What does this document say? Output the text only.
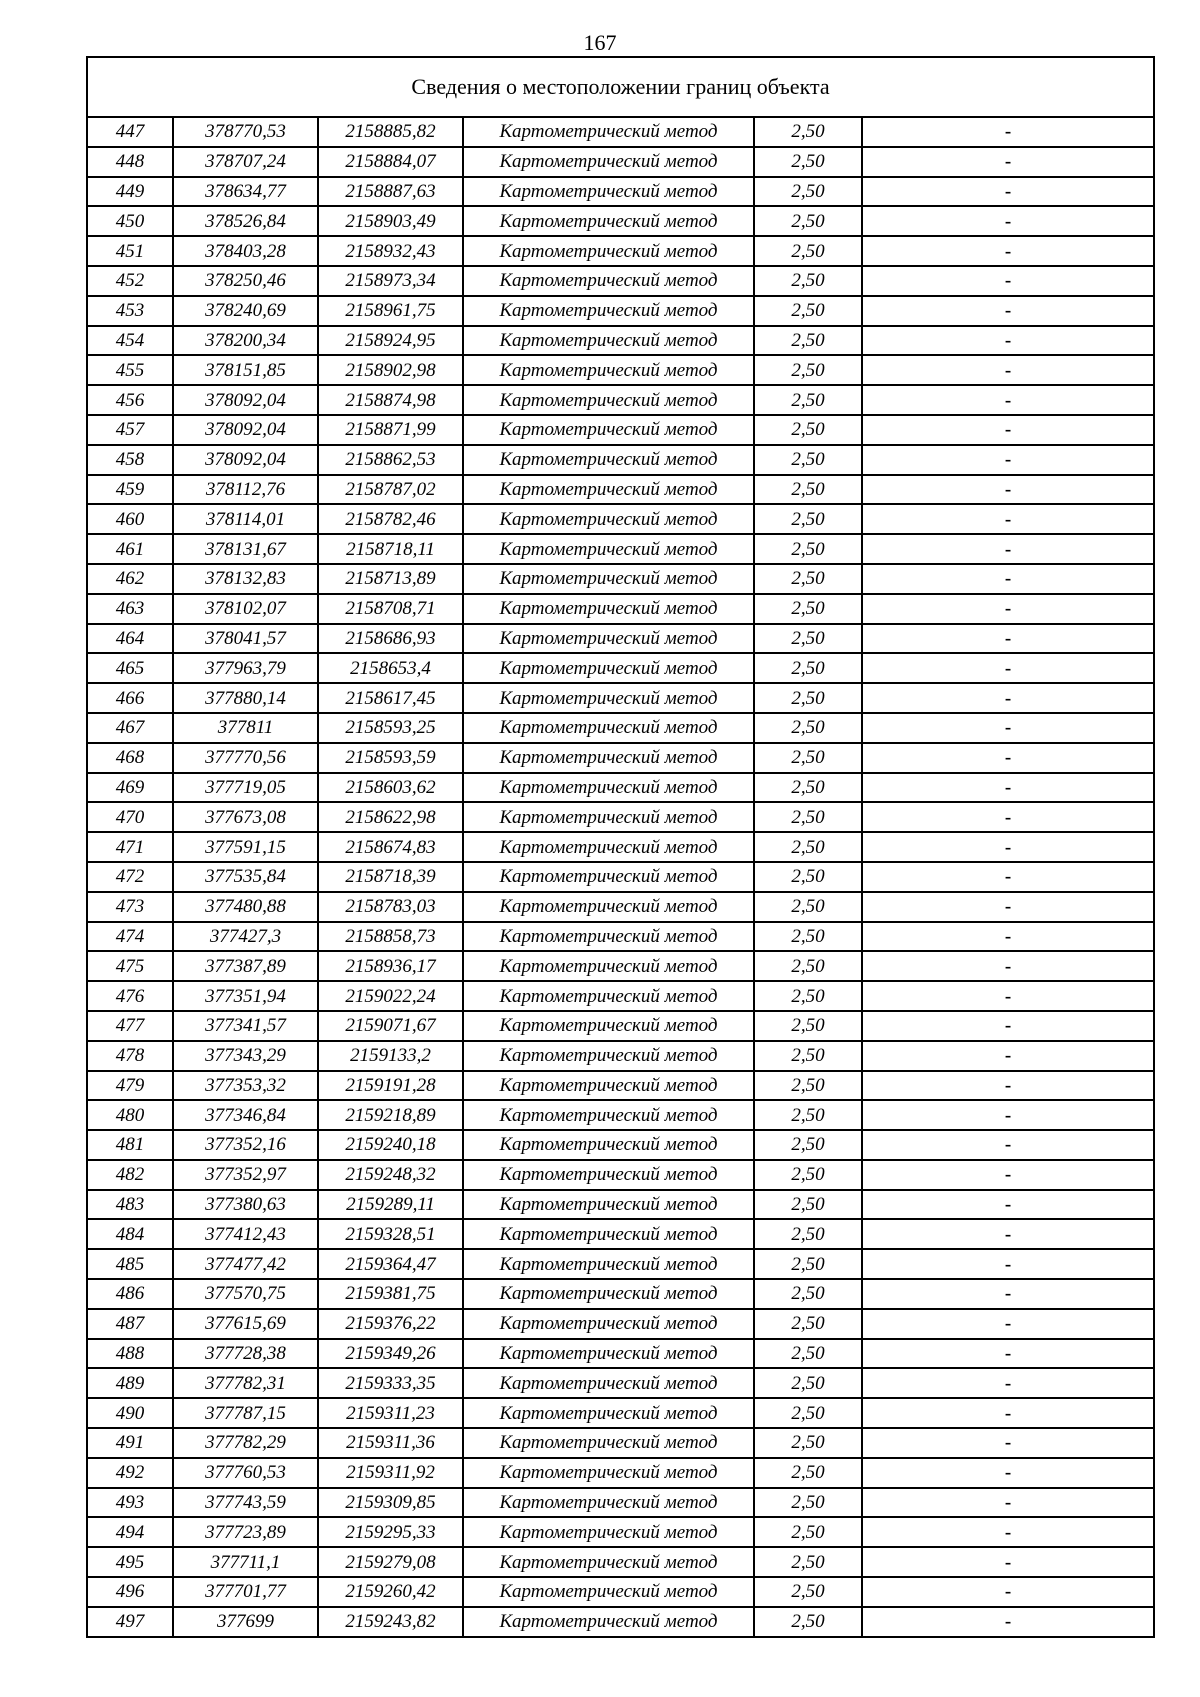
167
Сведения о местоположении границ объекта					
447	378770,53	2158885,82	Картометрический метод	2,50	-
448	378707,24	2158884,07	Картометрический метод	2,50	-
449	378634,77	2158887,63	Картометрический метод	2,50	-
450	378526,84	2158903,49	Картометрический метод	2,50	-
451	378403,28	2158932,43	Картометрический метод	2,50	-
452	378250,46	2158973,34	Картометрический метод	2,50	-
453	378240,69	2158961,75	Картометрический метод	2,50	-
454	378200,34	2158924,95	Картометрический метод	2,50	-
455	378151,85	2158902,98	Картометрический метод	2,50	-
456	378092,04	2158874,98	Картометрический метод	2,50	-
457	378092,04	2158871,99	Картометрический метод	2,50	-
458	378092,04	2158862,53	Картометрический метод	2,50	-
459	378112,76	2158787,02	Картометрический метод	2,50	-
460	378114,01	2158782,46	Картометрический метод	2,50	-
461	378131,67	2158718,11	Картометрический метод	2,50	-
462	378132,83	2158713,89	Картометрический метод	2,50	-
463	378102,07	2158708,71	Картометрический метод	2,50	-
464	378041,57	2158686,93	Картометрический метод	2,50	-
465	377963,79	2158653,4	Картометрический метод	2,50	-
466	377880,14	2158617,45	Картометрический метод	2,50	-
467	377811	2158593,25	Картометрический метод	2,50	-
468	377770,56	2158593,59	Картометрический метод	2,50	-
469	377719,05	2158603,62	Картометрический метод	2,50	-
470	377673,08	2158622,98	Картометрический метод	2,50	-
471	377591,15	2158674,83	Картометрический метод	2,50	-
472	377535,84	2158718,39	Картометрический метод	2,50	-
473	377480,88	2158783,03	Картометрический метод	2,50	-
474	377427,3	2158858,73	Картометрический метод	2,50	-
475	377387,89	2158936,17	Картометрический метод	2,50	-
476	377351,94	2159022,24	Картометрический метод	2,50	-
477	377341,57	2159071,67	Картометрический метод	2,50	-
478	377343,29	2159133,2	Картометрический метод	2,50	-
479	377353,32	2159191,28	Картометрический метод	2,50	-
480	377346,84	2159218,89	Картометрический метод	2,50	-
481	377352,16	2159240,18	Картометрический метод	2,50	-
482	377352,97	2159248,32	Картометрический метод	2,50	-
483	377380,63	2159289,11	Картометрический метод	2,50	-
484	377412,43	2159328,51	Картометрический метод	2,50	-
485	377477,42	2159364,47	Картометрический метод	2,50	-
486	377570,75	2159381,75	Картометрический метод	2,50	-
487	377615,69	2159376,22	Картометрический метод	2,50	-
488	377728,38	2159349,26	Картометрический метод	2,50	-
489	377782,31	2159333,35	Картометрический метод	2,50	-
490	377787,15	2159311,23	Картометрический метод	2,50	-
491	377782,29	2159311,36	Картометрический метод	2,50	-
492	377760,53	2159311,92	Картометрический метод	2,50	-
493	377743,59	2159309,85	Картометрический метод	2,50	-
494	377723,89	2159295,33	Картометрический метод	2,50	-
495	377711,1	2159279,08	Картометрический метод	2,50	-
496	377701,77	2159260,42	Картометрический метод	2,50	-
497	377699	2159243,82	Картометрический метод	2,50	-
